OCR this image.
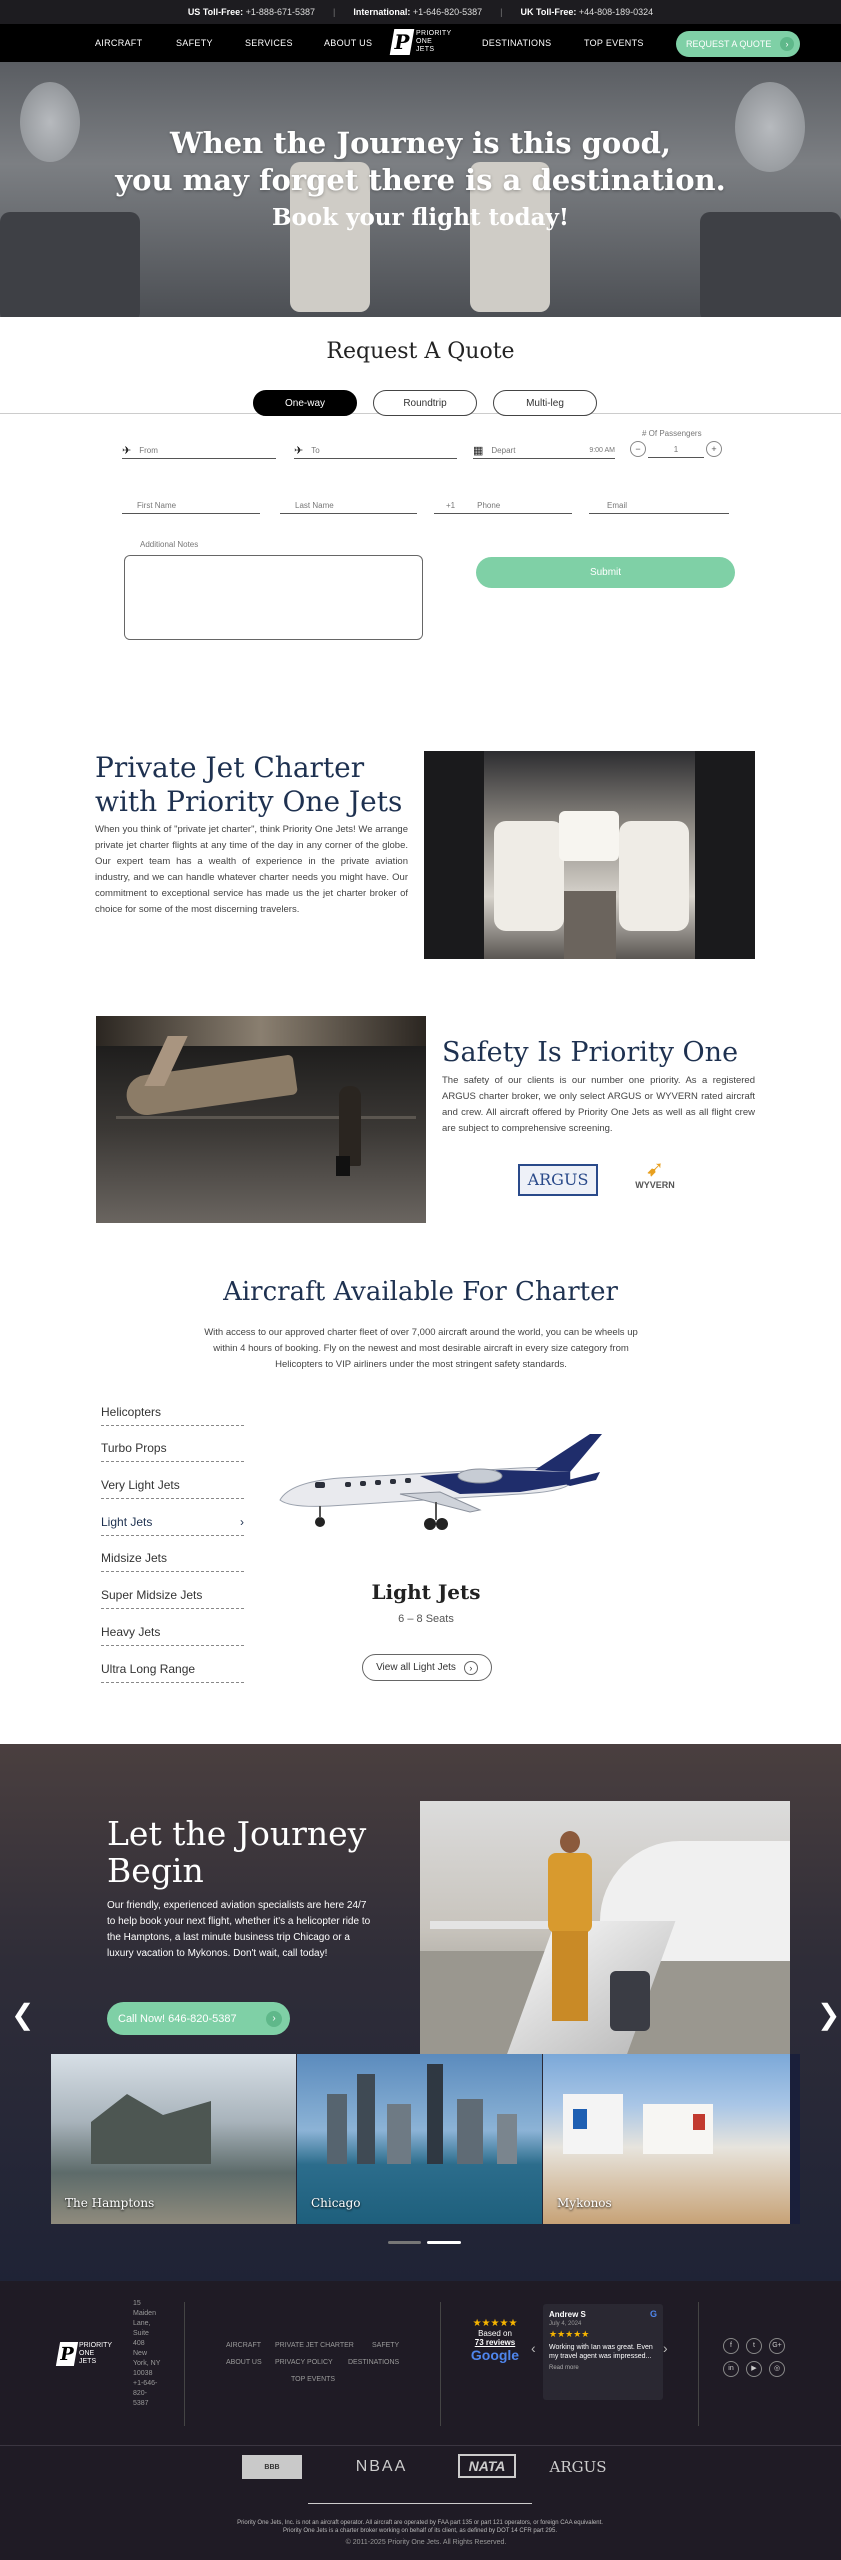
US Toll-Free: +1-888-671-5387 | International: +1-646-820-5387 | UK Toll-Free: +44-808-189-0324
AIRCRAFT	SAFETY	SERVICES	ABOUT US	DESTINATIONS	TOP EVENTS
P PRIORITY
ONE
JETS
REQUEST A QUOTE	›
When the Journey is this good,
you may forget there is a destination.
Book your flight today!
Request A Quote
One-way	Roundtrip	Multi-leg
✈ From	✈ To	▦ Depart	9:00 AM
# Of Passengers
−	1	+
First Name	Last Name	+1	Phone	Email
Additional Notes
Submit
Private Jet Charter
with Priority One Jets

When you think of "private jet charter", think Priority One Jets! We arrange private jet charter flights at any time of the day in any corner of the globe. Our expert team has a wealth of experience in the private aviation industry, and we can handle whatever charter needs you might have. Our commitment to exceptional service has made us the jet charter broker of choice for some of the most discerning travelers.

Safety Is Priority One

The safety of our clients is our number one priority. As a registered ARGUS charter broker, we only select ARGUS or WYVERN rated aircraft and crew. All aircraft offered by Priority One Jets as well as all flight crew are subject to comprehensive screening.

ARGUS	➹
WYVERN
Aircraft Available For Charter

With access to our approved charter fleet of over 7,000 aircraft around the world, you can be wheels up within 4 hours of booking. Fly on the newest and most desirable aircraft in every size category from Helicopters to VIP airliners under the most stringent safety standards.

Helicopters
Turbo Props
Very Light Jets
Light Jets	›
Midsize Jets
Super Midsize Jets
Heavy Jets
Ultra Long Range
Light Jets
6 – 8 Seats
View all Light Jets	›
Let the Journey
Begin

Our friendly, experienced aviation specialists are here 24/7 to help book your next flight, whether it's a helicopter ride to the Hamptons, a last minute business trip Chicago or a luxury vacation to Mykonos. Don't wait, call today!

Call Now! 646-820-5387	›
The Hamptons	Chicago	Mykonos
❮	❯
P PRIORITY
ONE
JETS
15
Maiden
Lane,
Suite
408
New
York, NY
10038
+1-646-
820-
5387
AIRCRAFT
ABOUT US
PRIVATE JET CHARTER
PRIVACY POLICY
TOP EVENTS
SAFETY
DESTINATIONS
★★★★★
Based on
73 reviews
Google ‹
Andrew S
July 4, 2024
★★★★★
Working with Ian was great. Even my travel agent was impressed...
Read more
G
›	f	t	G+
in	▶	◎
BBB	NBAA	NATA	ARGUS

Priority One Jets, Inc. is not an aircraft operator. All aircraft are operated by FAA part 135 or part 121 operators, or foreign CAA equivalent. Priority One Jets is a charter broker working on behalf of its client, as defined by DOT 14 CFR part 295.

© 2011-2025 Priority One Jets. All Rights Reserved.
